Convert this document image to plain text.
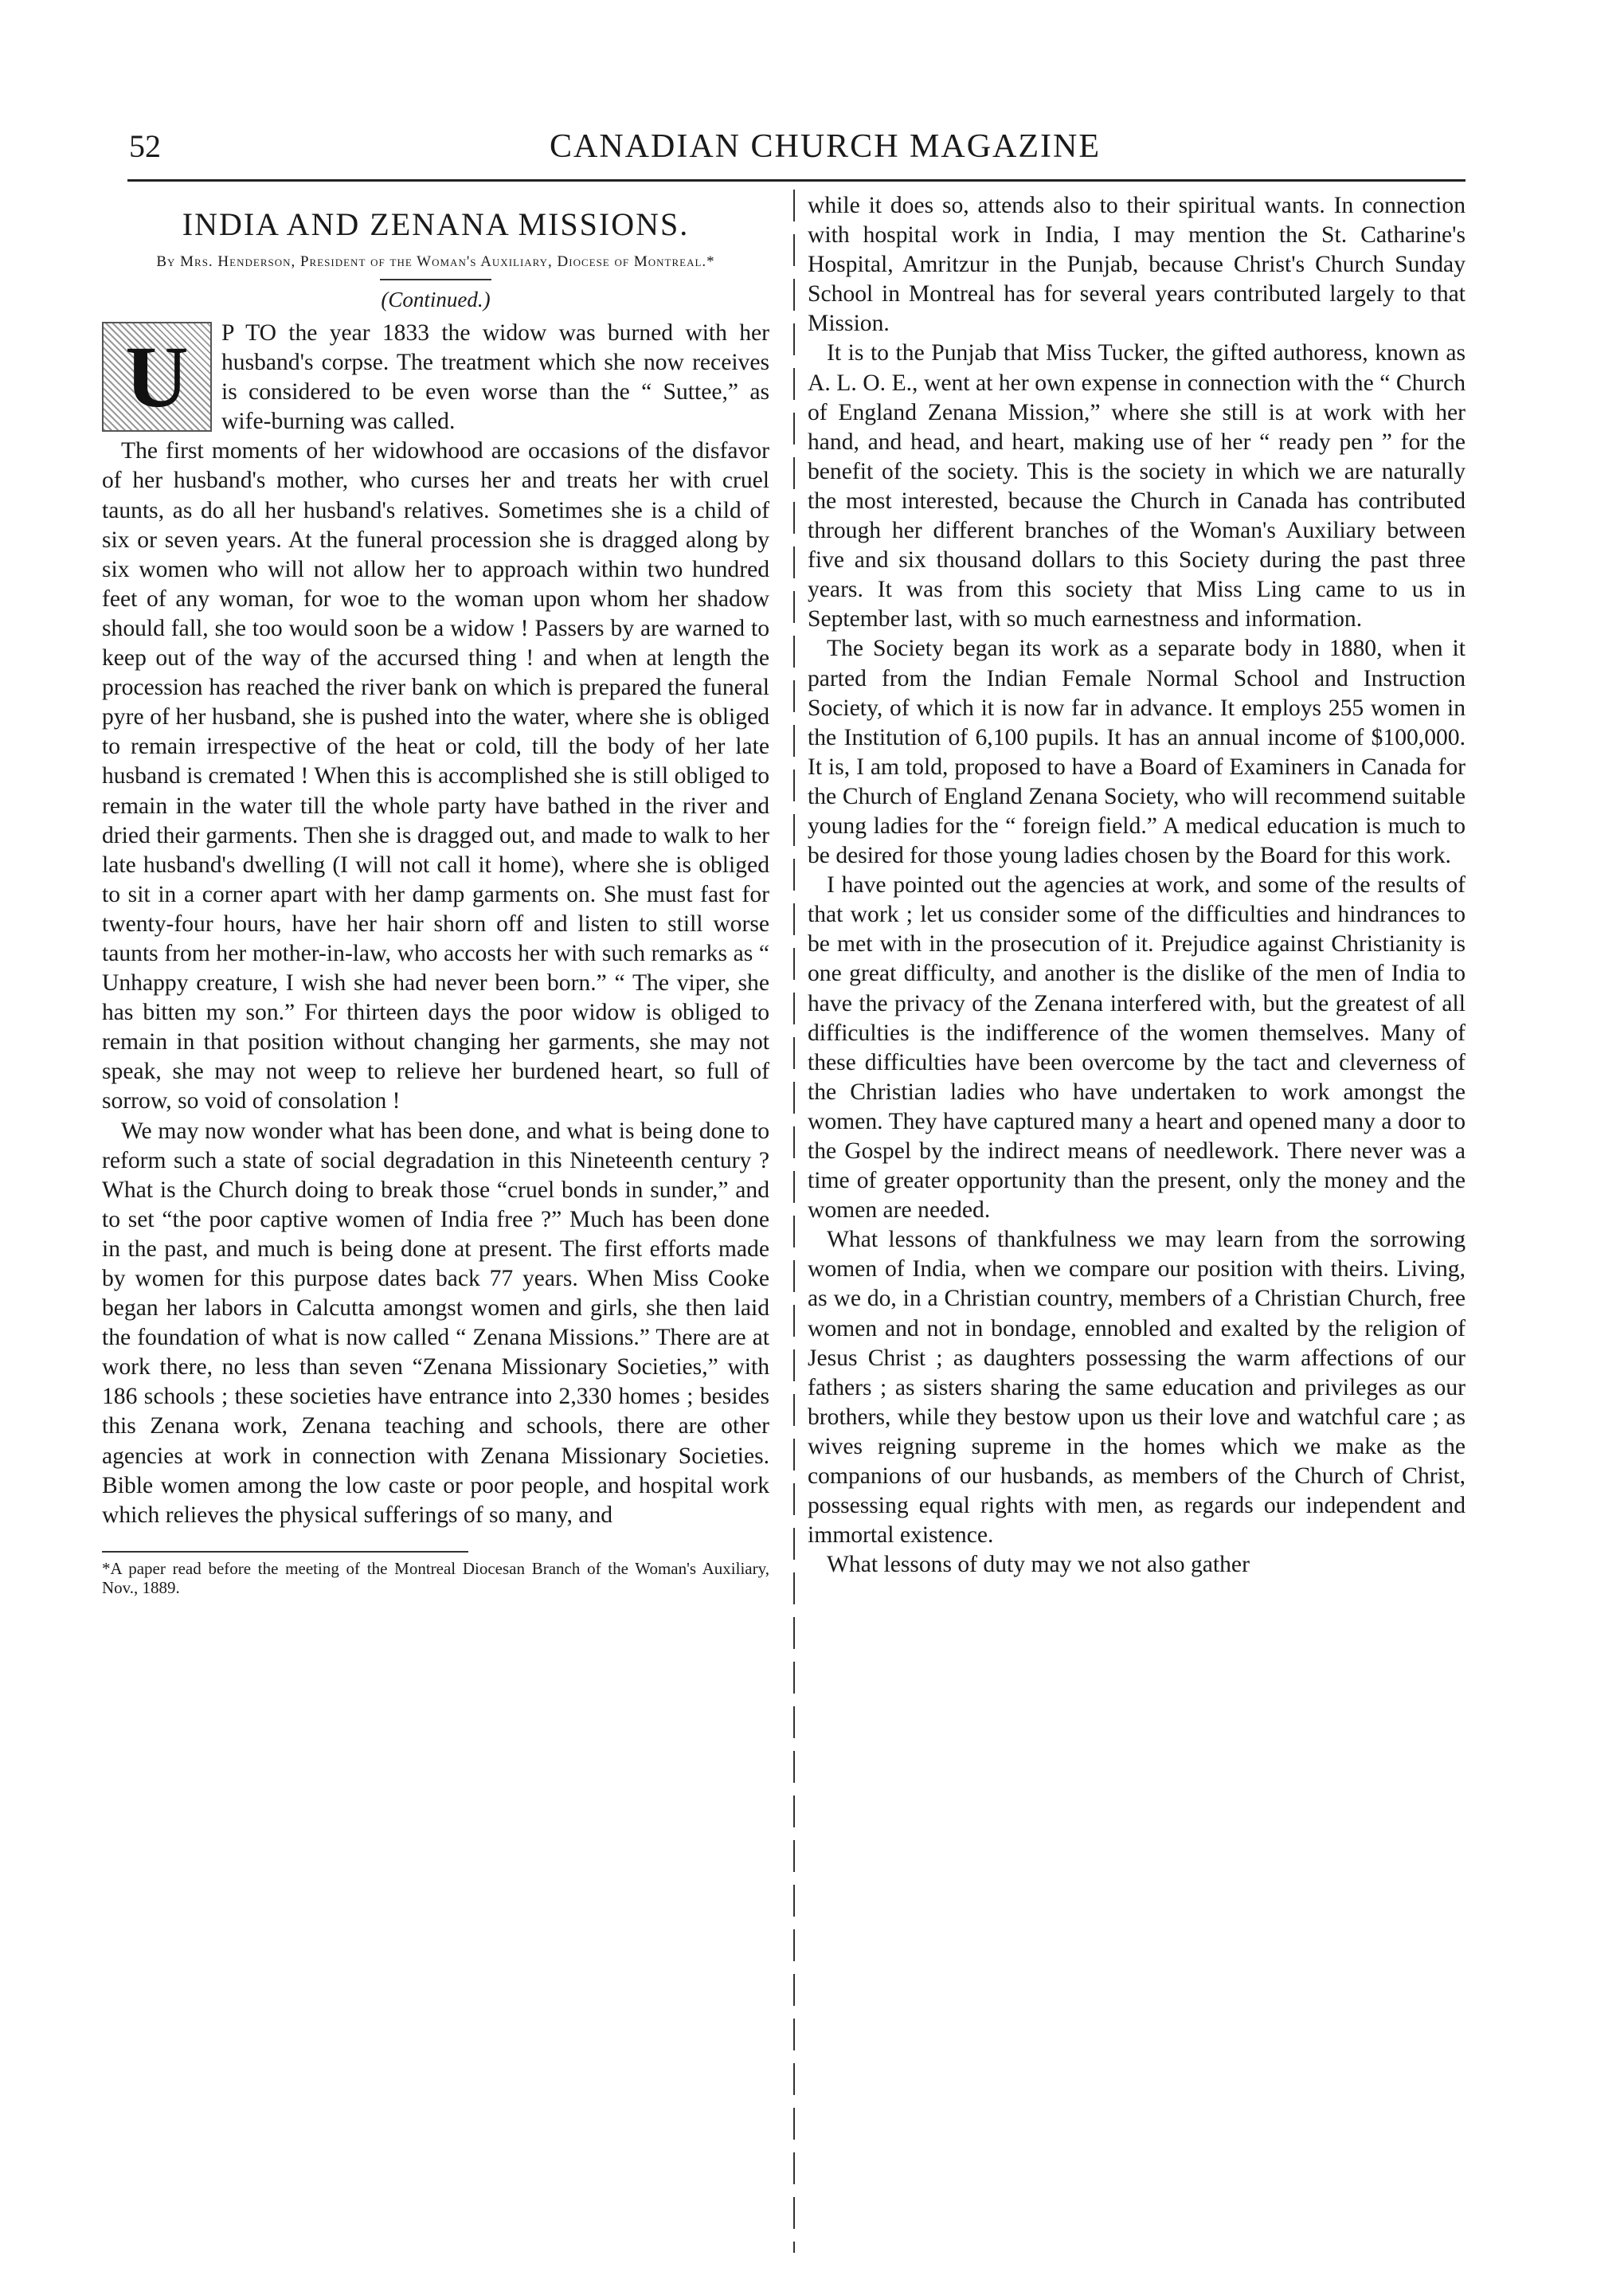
52	CANADIAN CHURCH MAGAZINE
INDIA AND ZENANA MISSIONS.
By Mrs. Henderson, President of the Woman's Auxiliary, Diocese of Montreal.*
(Continued.)

U	P TO the year 1833 the widow was burned with her husband's corpse. The treatment which she now receives is considered to be even worse than the “ Suttee,” as wife-burning was called.

The first moments of her widowhood are occasions of the disfavor of her husband's mother, who curses her and treats her with cruel taunts, as do all her husband's relatives. Sometimes she is a child of six or seven years. At the funeral procession she is dragged along by six women who will not allow her to approach within two hundred feet of any woman, for woe to the woman upon whom her shadow should fall, she too would soon be a widow ! Passers by are warned to keep out of the way of the accursed thing ! and when at length the procession has reached the river bank on which is prepared the funeral pyre of her husband, she is pushed into the water, where she is obliged to remain irrespective of the heat or cold, till the body of her late husband is cremated ! When this is accomplished she is still obliged to remain in the water till the whole party have bathed in the river and dried their garments. Then she is dragged out, and made to walk to her late husband's dwelling (I will not call it home), where she is obliged to sit in a corner apart with her damp garments on. She must fast for twenty-four hours, have her hair shorn off and listen to still worse taunts from her mother-in-law, who accosts her with such remarks as “ Unhappy creature, I wish she had never been born.” “ The viper, she has bitten my son.” For thirteen days the poor widow is obliged to remain in that position without changing her garments, she may not speak, she may not weep to relieve her burdened heart, so full of sorrow, so void of consolation !

We may now wonder what has been done, and what is being done to reform such a state of social degradation in this Nineteenth century ? What is the Church doing to break those “cruel bonds in sunder,” and to set “the poor captive women of India free ?” Much has been done in the past, and much is being done at present. The first efforts made by women for this purpose dates back 77 years. When Miss Cooke began her labors in Calcutta amongst women and girls, she then laid the foundation of what is now called “ Zenana Missions.” There are at work there, no less than seven “Zenana Missionary Societies,” with 186 schools ; these societies have entrance into 2,330 homes ; besides this Zenana work, Zenana teaching and schools, there are other agencies at work in connection with Zenana Missionary Societies. Bible women among the low caste or poor people, and hospital work which relieves the physical sufferings of so many, and

*A paper read before the meeting of the Montreal Diocesan Branch of the Woman's Auxiliary, Nov., 1889.

while it does so, attends also to their spiritual wants. In connection with hospital work in India, I may mention the St. Catharine's Hospital, Amritzur in the Punjab, because Christ's Church Sunday School in Montreal has for several years contributed largely to that Mission.

It is to the Punjab that Miss Tucker, the gifted authoress, known as A. L. O. E., went at her own expense in connection with the “ Church of England Zenana Mission,” where she still is at work with her hand, and head, and heart, making use of her “ ready pen ” for the benefit of the society. This is the society in which we are naturally the most interested, because the Church in Canada has contributed through her different branches of the Woman's Auxiliary between five and six thousand dollars to this Society during the past three years. It was from this society that Miss Ling came to us in September last, with so much earnestness and information.

The Society began its work as a separate body in 1880, when it parted from the Indian Female Normal School and Instruction Society, of which it is now far in advance. It employs 255 women in the Institution of 6,100 pupils. It has an annual income of $100,000. It is, I am told, proposed to have a Board of Examiners in Canada for the Church of England Zenana Society, who will recommend suitable young ladies for the “ foreign field.” A medical education is much to be desired for those young ladies chosen by the Board for this work.

I have pointed out the agencies at work, and some of the results of that work ; let us consider some of the difficulties and hindrances to be met with in the prosecution of it. Prejudice against Christianity is one great difficulty, and another is the dislike of the men of India to have the privacy of the Zenana interfered with, but the greatest of all difficulties is the indifference of the women themselves. Many of these difficulties have been overcome by the tact and cleverness of the Christian ladies who have undertaken to work amongst the women. They have captured many a heart and opened many a door to the Gospel by the indirect means of needlework. There never was a time of greater opportunity than the present, only the money and the women are needed.

What lessons of thankfulness we may learn from the sorrowing women of India, when we compare our position with theirs. Living, as we do, in a Christian country, members of a Christian Church, free women and not in bondage, ennobled and exalted by the religion of Jesus Christ ; as daughters possessing the warm affections of our fathers ; as sisters sharing the same education and privileges as our brothers, while they bestow upon us their love and watchful care ; as wives reigning supreme in the homes which we make as the companions of our husbands, as members of the Church of Christ, possessing equal rights with men, as regards our independent and immortal existence.

What lessons of duty may we not also gather
